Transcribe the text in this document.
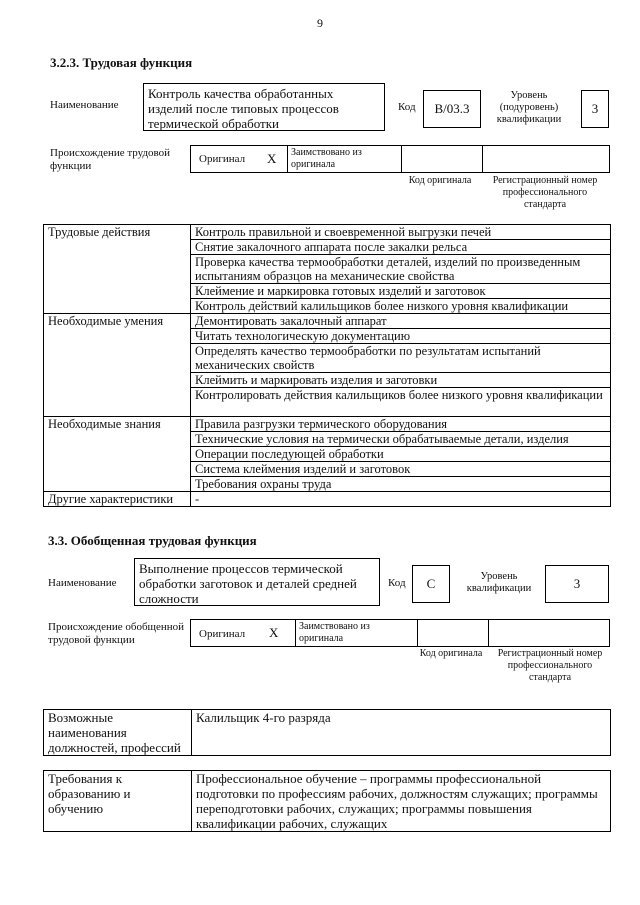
9
3.2.3. Трудовая функция
Наименование
Контроль качества обработанных изделий после типовых процессов термической обработки
Код	В/03.3
Уровень (подуровень) квалификации
3
Происхождение трудовой функции
Оригинал X Заимствовано из оригинала
Код оригинала	Регистрационный номер профессионального стандарта
Трудовые действия	Контроль правильной и своевременной выгрузки печей
	Снятие закалочного аппарата после закалки рельса
	Проверка качества термообработки деталей, изделий по произведенным испытаниям образцов на механические свойства
	Клеймение и маркировка готовых изделий и заготовок
	Контроль действий калильщиков более низкого уровня квалификации
Необходимые умения	Демонтировать закалочный аппарат
	Читать технологическую документацию
	Определять качество термообработки по результатам испытаний механических свойств
	Клеймить и маркировать изделия и заготовки
	Контролировать действия калильщиков более низкого уровня квалификации
Необходимые знания	Правила разгрузки термического оборудования
	Технические условия на термически обрабатываемые детали, изделия
	Операции последующей обработки
	Система клеймения изделий и заготовок
	Требования охраны труда
Другие характеристики	-
3.3. Обобщенная трудовая функция
Наименование
Выполнение процессов термической обработки заготовок и деталей средней сложности
Код	С	Уровень квалификации	3
Происхождение обобщенной трудовой функции	Оригинал X Заимствовано из оригинала
Код оригинала	Регистрационный номер профессионального стандарта
Возможные наименования должностей, профессий	Калильщик 4-го разряда
Требования к образованию и обучению	Профессиональное обучение – программы профессиональной подготовки по профессиям рабочих, должностям служащих; программы переподготовки рабочих, служащих; программы повышения квалификации рабочих, служащих
